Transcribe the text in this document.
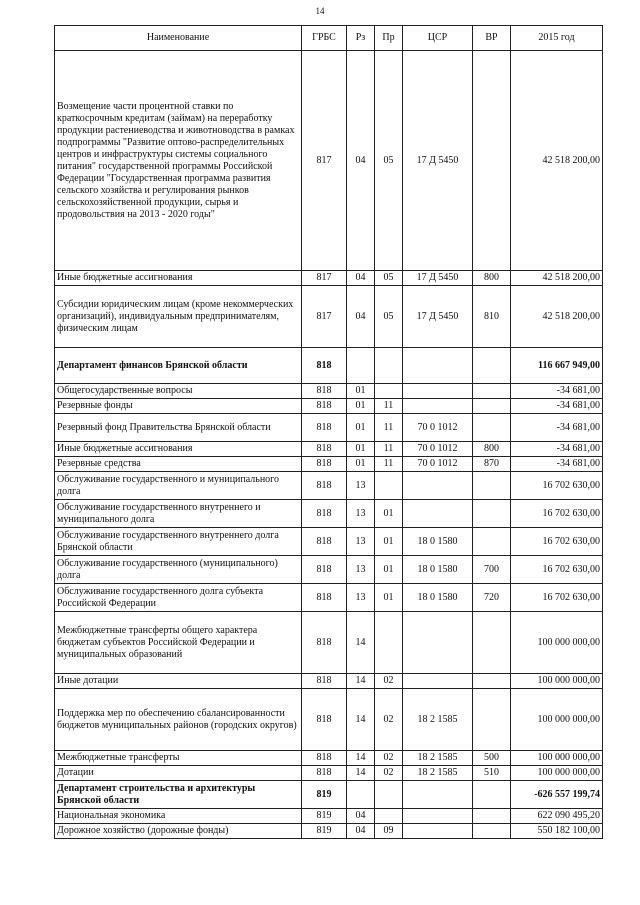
14
Наименование	ГРБС	Рз	Пр	ЦСР	ВР	2015 год
Возмещение части процентной ставки по краткосрочным кредитам (займам) на переработку продукции растениеводства и животноводства в рамках подпрограммы "Развитие оптово-распределительных центров и инфраструктуры системы социального питания" государственной программы Российской Федерации "Государственная программа развития сельского хозяйства и регулирования рынков сельскохозяйственной продукции, сырья и продовольствия на 2013 - 2020 годы"	817	04	05	17 Д 5450		42 518 200,00
Иные бюджетные ассигнования	817	04	05	17 Д 5450	800	42 518 200,00
Субсидии юридическим лицам (кроме некоммерческих организаций), индивидуальным предпринимателям, физическим лицам	817	04	05	17 Д 5450	810	42 518 200,00
Департамент финансов Брянской области	818					116 667 949,00
Общегосударственные вопросы	818	01				-34 681,00
Резервные фонды	818	01	11			-34 681,00
Резервный фонд Правительства Брянской области	818	01	11	70 0 1012		-34 681,00
Иные бюджетные ассигнования	818	01	11	70 0 1012	800	-34 681,00
Резервные средства	818	01	11	70 0 1012	870	-34 681,00
Обслуживание государственного и муниципального долга	818	13				16 702 630,00
Обслуживание государственного внутреннего и муниципального долга	818	13	01			16 702 630,00
Обслуживание государственного внутреннего долга Брянской области	818	13	01	18 0 1580		16 702 630,00
Обслуживание государственного (муниципального) долга	818	13	01	18 0 1580	700	16 702 630,00
Обслуживание государственного долга субъекта Российской Федерации	818	13	01	18 0 1580	720	16 702 630,00
Межбюджетные трансферты общего характера бюджетам субъектов Российской Федерации и муниципальных образований	818	14				100 000 000,00
Иные дотации	818	14	02			100 000 000,00
Поддержка мер по обеспечению сбалансированности бюджетов муниципальных районов (городских округов)	818	14	02	18 2 1585		100 000 000,00
Межбюджетные трансферты	818	14	02	18 2 1585	500	100 000 000,00
Дотации	818	14	02	18 2 1585	510	100 000 000,00
Департамент строительства и архитектуры Брянской области	819					-626 557 199,74
Национальная экономика	819	04				622 090 495,20
Дорожное хозяйство (дорожные фонды)	819	04	09			550 182 100,00
